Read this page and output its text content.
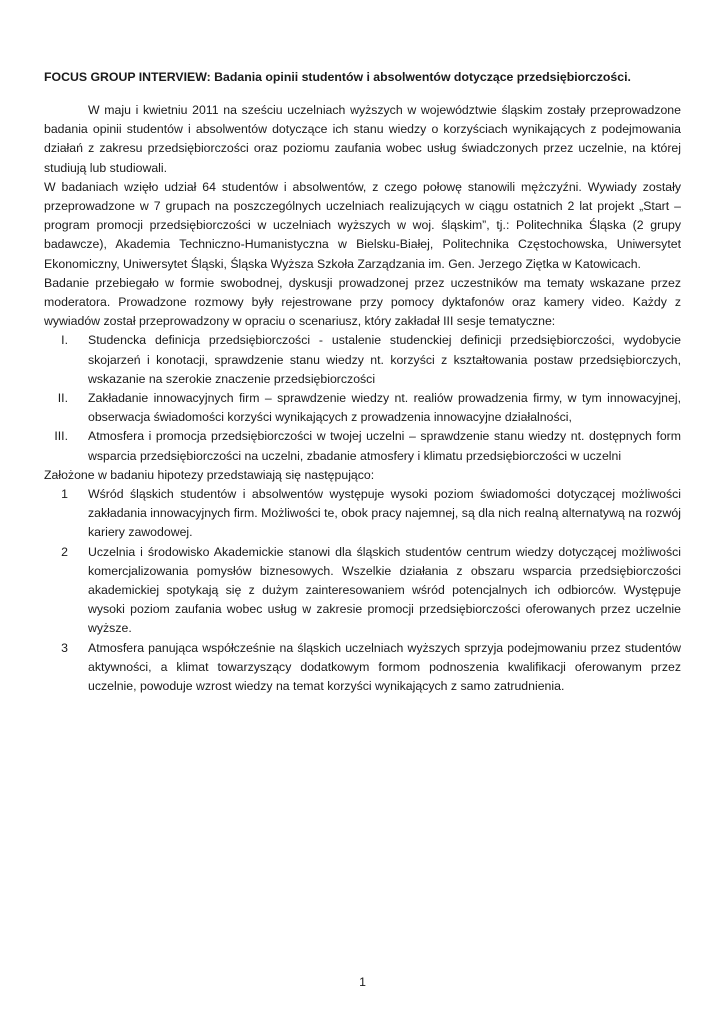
FOCUS GROUP INTERVIEW: Badania opinii studentów i absolwentów dotyczące przedsiębiorczości.

W maju i kwietniu 2011 na sześciu uczelniach wyższych w województwie śląskim zostały przeprowadzone badania opinii studentów i absolwentów dotyczące ich stanu wiedzy o korzyściach wynikających z podejmowania działań z zakresu przedsiębiorczości oraz poziomu zaufania wobec usług świadczonych przez uczelnie, na której studiują lub studiowali.

W badaniach wzięło udział 64 studentów i absolwentów, z czego połowę stanowili mężczyźni. Wywiady zostały przeprowadzone w 7 grupach na poszczególnych uczelniach realizujących w ciągu ostatnich 2 lat projekt „Start – program promocji przedsiębiorczości w uczelniach wyższych w woj. śląskim”, tj.: Politechnika Śląska (2 grupy badawcze), Akademia Techniczno-Humanistyczna w Bielsku-Białej, Politechnika Częstochowska, Uniwersytet Ekonomiczny, Uniwersytet Śląski, Śląska Wyższa Szkoła Zarządzania im. Gen. Jerzego Ziętka w Katowicach.

Badanie przebiegało w formie swobodnej, dyskusji prowadzonej przez uczestników ma tematy wskazane przez moderatora. Prowadzone rozmowy były rejestrowane przy pomocy dyktafonów oraz kamery video. Każdy z wywiadów został przeprowadzony w opraciu o scenariusz, który zakładał III sesje tematyczne:

I. Studencka definicja przedsiębiorczości - ustalenie studenckiej definicji przedsiębiorczości, wydobycie skojarzeń i konotacji, sprawdzenie stanu wiedzy nt. korzyści z kształtowania postaw przedsiębiorczych, wskazanie na szerokie znaczenie przedsiębiorczości
II. Zakładanie innowacyjnych firm – sprawdzenie wiedzy nt. realiów prowadzenia firmy, w tym innowacyjnej, obserwacja świadomości korzyści wynikających z prowadzenia innowacyjne działalności,
III. Atmosfera i promocja przedsiębiorczości w twojej uczelni – sprawdzenie stanu wiedzy nt. dostępnych form wsparcia przedsiębiorczości na uczelni, zbadanie atmosfery i klimatu przedsiębiorczości w uczelni

Założone w badaniu hipotezy przedstawiają się następująco:

1 Wśród śląskich studentów i absolwentów występuje wysoki poziom świadomości dotyczącej możliwości zakładania innowacyjnych firm. Możliwości te, obok pracy najemnej, są dla nich realną alternatywą na rozwój kariery zawodowej.
2 Uczelnia i środowisko Akademickie stanowi dla śląskich studentów centrum wiedzy dotyczącej możliwości komercjalizowania pomysłów biznesowych. Wszelkie działania z obszaru wsparcia przedsiębiorczości akademickiej spotykają się z dużym zainteresowaniem wśród potencjalnych ich odbiorców. Występuje wysoki poziom zaufania wobec usług w zakresie promocji przedsiębiorczości oferowanych przez uczelnie wyższe.
3 Atmosfera panująca współcześnie na śląskich uczelniach wyższych sprzyja podejmowaniu przez studentów aktywności, a klimat towarzyszący dodatkowym formom podnoszenia kwalifikacji oferowanym przez uczelnie, powoduje wzrost wiedzy na temat korzyści wynikających z samo zatrudnienia.
1
